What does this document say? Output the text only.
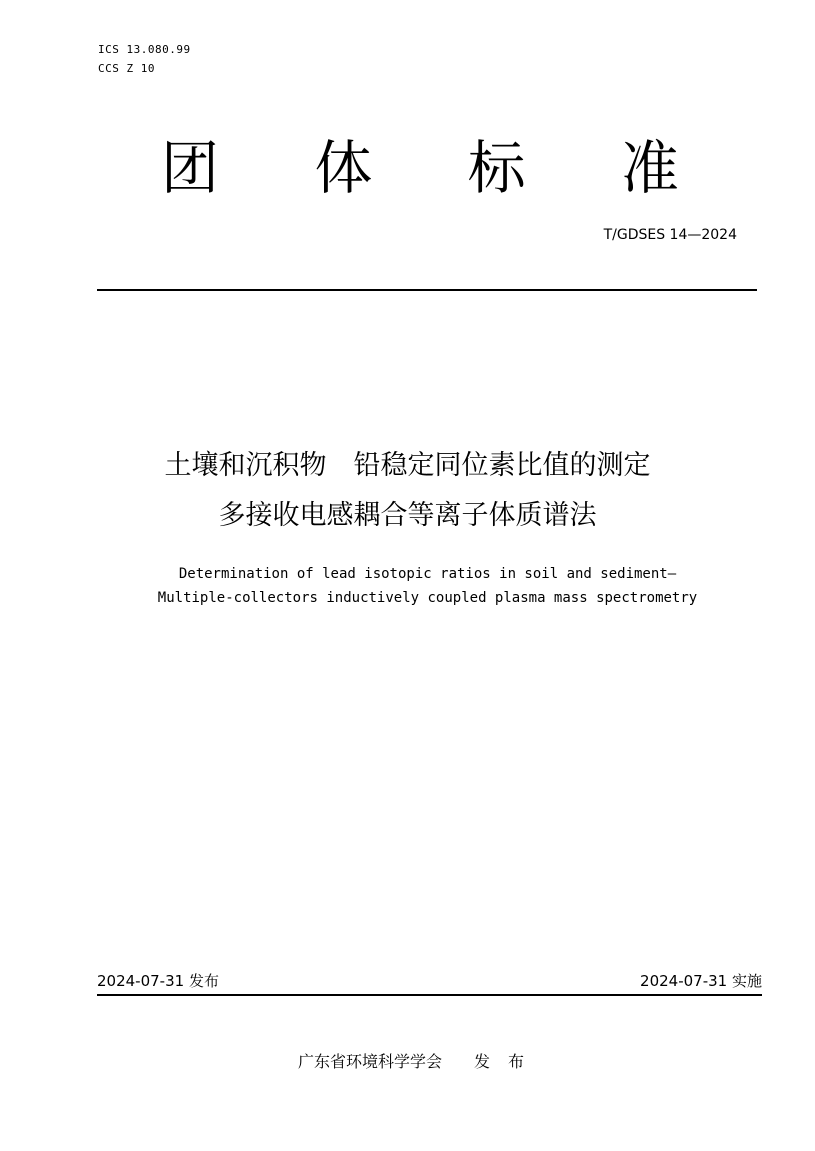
ICS 13.080.99
CCS Z 10
团 体 标 准
T/GDSES 14—2024
土壤和沉积物　铅稳定同位素比值的测定
多接收电感耦合等离子体质谱法
Determination of lead isotopic ratios in soil and sediment—
Multiple-collectors inductively coupled plasma mass spectrometry
2024-07-31 发布	2024-07-31 实施
广东省环境科学学会 发布
